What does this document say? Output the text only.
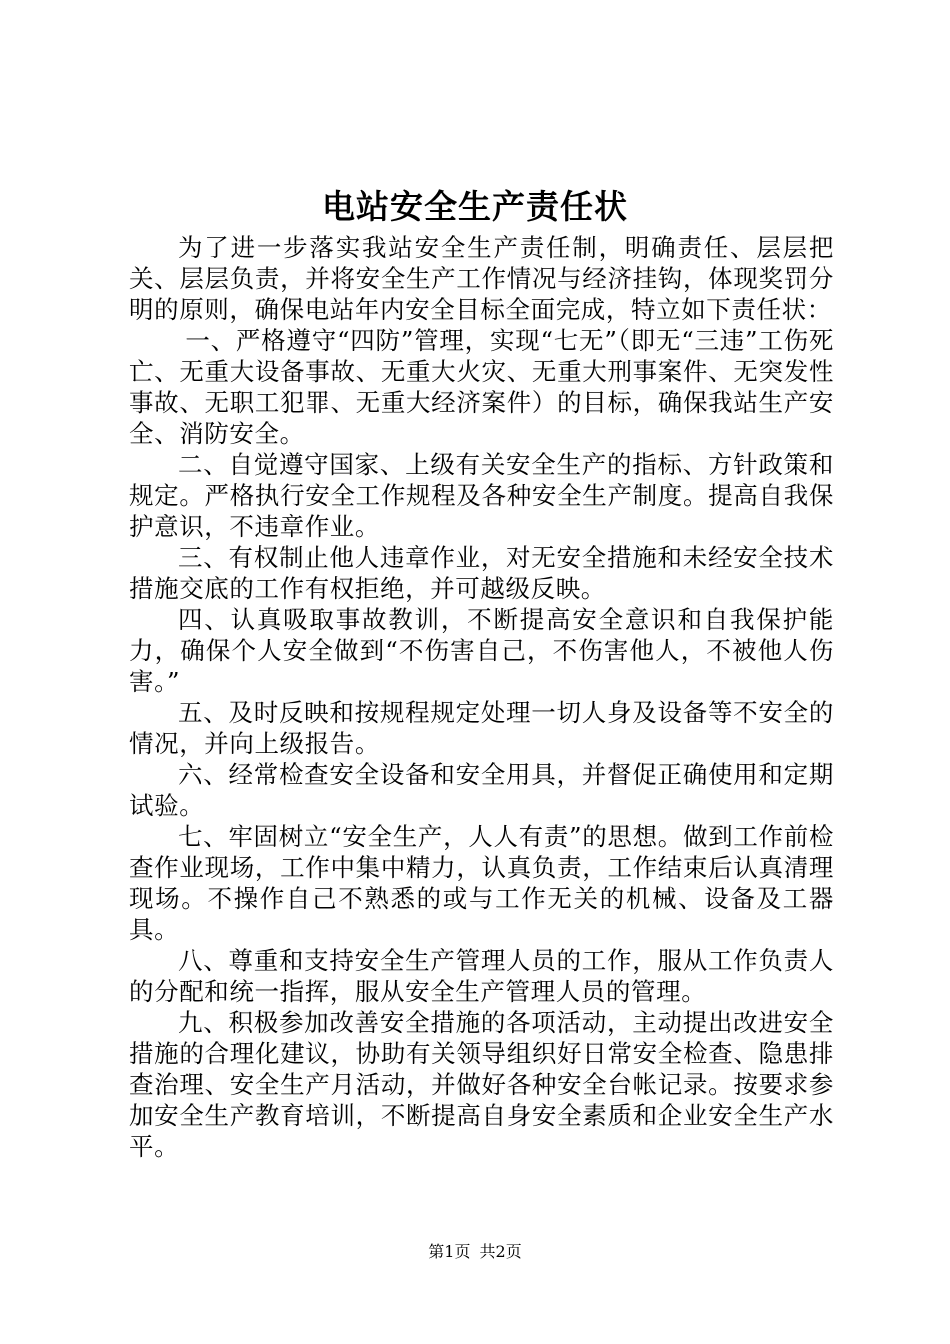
电站安全生产责任状

为了进一步落实我站安全生产责任制，明确责任、层层把关、层层负责，并将安全生产工作情况与经济挂钩，体现奖罚分明的原则，确保电站年内安全目标全面完成，特立如下责任状：

一、严格遵守“四防”管理，实现“七无”（即无“三违”工伤死亡、无重大设备事故、无重大火灾、无重大刑事案件、无突发性事故、无职工犯罪、无重大经济案件）的目标，确保我站生产安全、消防安全。

二、自觉遵守国家、上级有关安全生产的指标、方针政策和规定。严格执行安全工作规程及各种安全生产制度。提高自我保护意识，不违章作业。

三、有权制止他人违章作业，对无安全措施和未经安全技术措施交底的工作有权拒绝，并可越级反映。

四、认真吸取事故教训，不断提高安全意识和自我保护能力，确保个人安全做到“不伤害自己，不伤害他人，不被他人伤害。”

五、及时反映和按规程规定处理一切人身及设备等不安全的情况，并向上级报告。

六、经常检查安全设备和安全用具，并督促正确使用和定期试验。

七、牢固树立“安全生产，人人有责”的思想。做到工作前检查作业现场，工作中集中精力，认真负责，工作结束后认真清理现场。不操作自己不熟悉的或与工作无关的机械、设备及工器具。

八、尊重和支持安全生产管理人员的工作，服从工作负责人的分配和统一指挥，服从安全生产管理人员的管理。

九、积极参加改善安全措施的各项活动，主动提出改进安全措施的合理化建议，协助有关领导组织好日常安全检查、隐患排查治理、安全生产月活动，并做好各种安全台帐记录。按要求参加安全生产教育培训，不断提高自身安全素质和企业安全生产水平。

第1页 共2页
